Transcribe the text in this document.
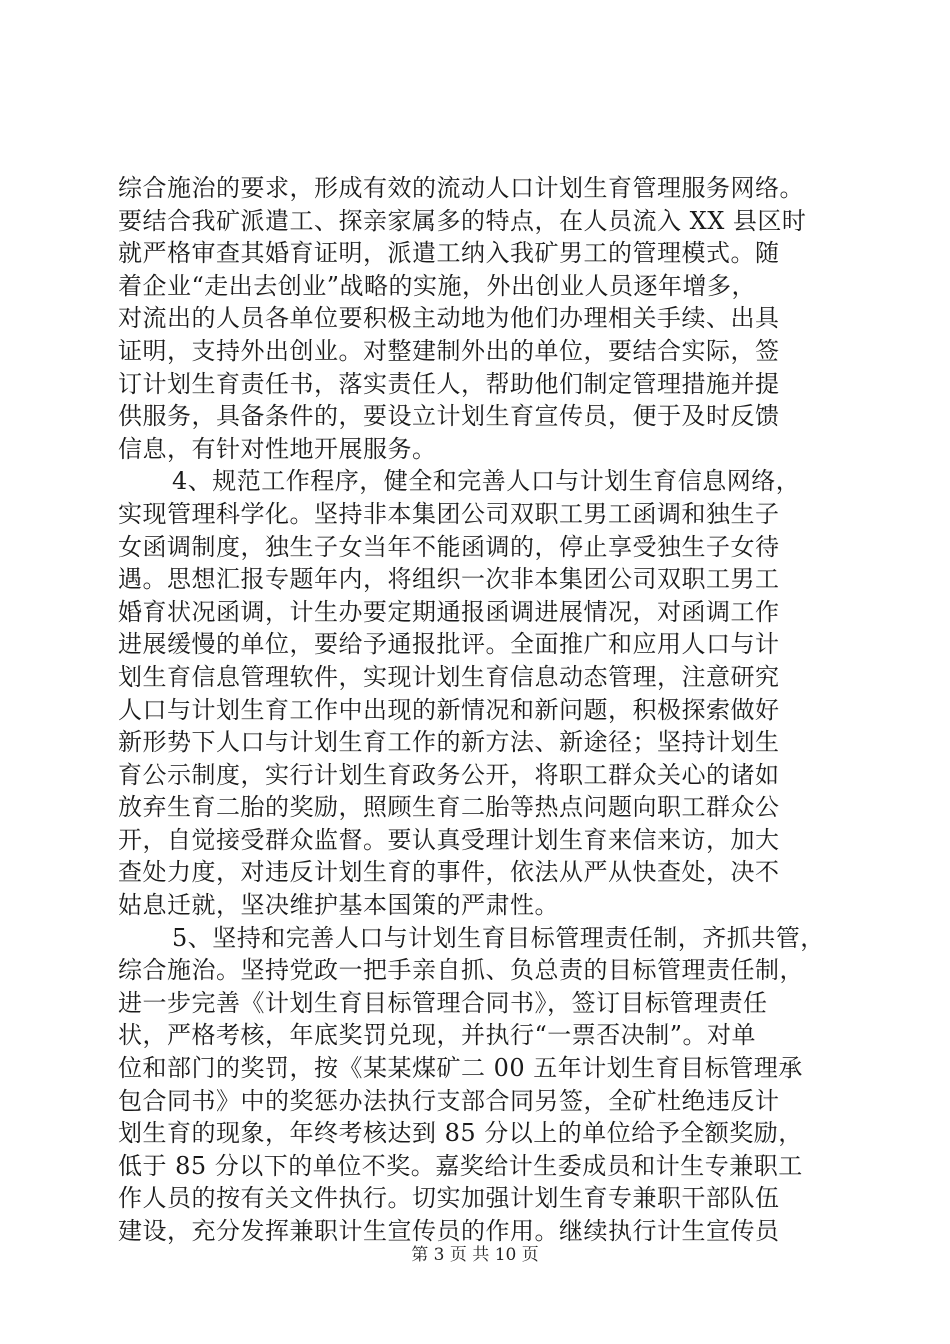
综合施治的要求，形成有效的流动人口计划生育管理服务网络。
要结合我矿派遣工、探亲家属多的特点，在人员流入 XX 县区时
就严格审查其婚育证明，派遣工纳入我矿男工的管理模式。随
着企业“走出去创业”战略的实施，外出创业人员逐年增多，
对流出的人员各单位要积极主动地为他们办理相关手续、出具
证明，支持外出创业。对整建制外出的单位，要结合实际，签
订计划生育责任书，落实责任人，帮助他们制定管理措施并提
供服务，具备条件的，要设立计划生育宣传员，便于及时反馈
信息，有针对性地开展服务。
4、规范工作程序，健全和完善人口与计划生育信息网络，
实现管理科学化。坚持非本集团公司双职工男工函调和独生子
女函调制度，独生子女当年不能函调的，停止享受独生子女待
遇。思想汇报专题年内，将组织一次非本集团公司双职工男工
婚育状况函调，计生办要定期通报函调进展情况，对函调工作
进展缓慢的单位，要给予通报批评。全面推广和应用人口与计
划生育信息管理软件，实现计划生育信息动态管理，注意研究
人口与计划生育工作中出现的新情况和新问题，积极探索做好
新形势下人口与计划生育工作的新方法、新途径；坚持计划生
育公示制度，实行计划生育政务公开，将职工群众关心的诸如
放弃生育二胎的奖励，照顾生育二胎等热点问题向职工群众公
开，自觉接受群众监督。要认真受理计划生育来信来访，加大
查处力度，对违反计划生育的事件，依法从严从快查处，决不
姑息迁就，坚决维护基本国策的严肃性。
5、坚持和完善人口与计划生育目标管理责任制，齐抓共管，
综合施治。坚持党政一把手亲自抓、负总责的目标管理责任制，
进一步完善《计划生育目标管理合同书》，签订目标管理责任
状，严格考核，年底奖罚兑现，并执行“一票否决制”。对单
位和部门的奖罚，按《某某煤矿二 00 五年计划生育目标管理承
包合同书》中的奖惩办法执行支部合同另签，全矿杜绝违反计
划生育的现象，年终考核达到 85 分以上的单位给予全额奖励，
低于 85 分以下的单位不奖。嘉奖给计生委成员和计生专兼职工
作人员的按有关文件执行。切实加强计划生育专兼职干部队伍
建设，充分发挥兼职计生宣传员的作用。继续执行计生宣传员
第 3 页 共 10 页
